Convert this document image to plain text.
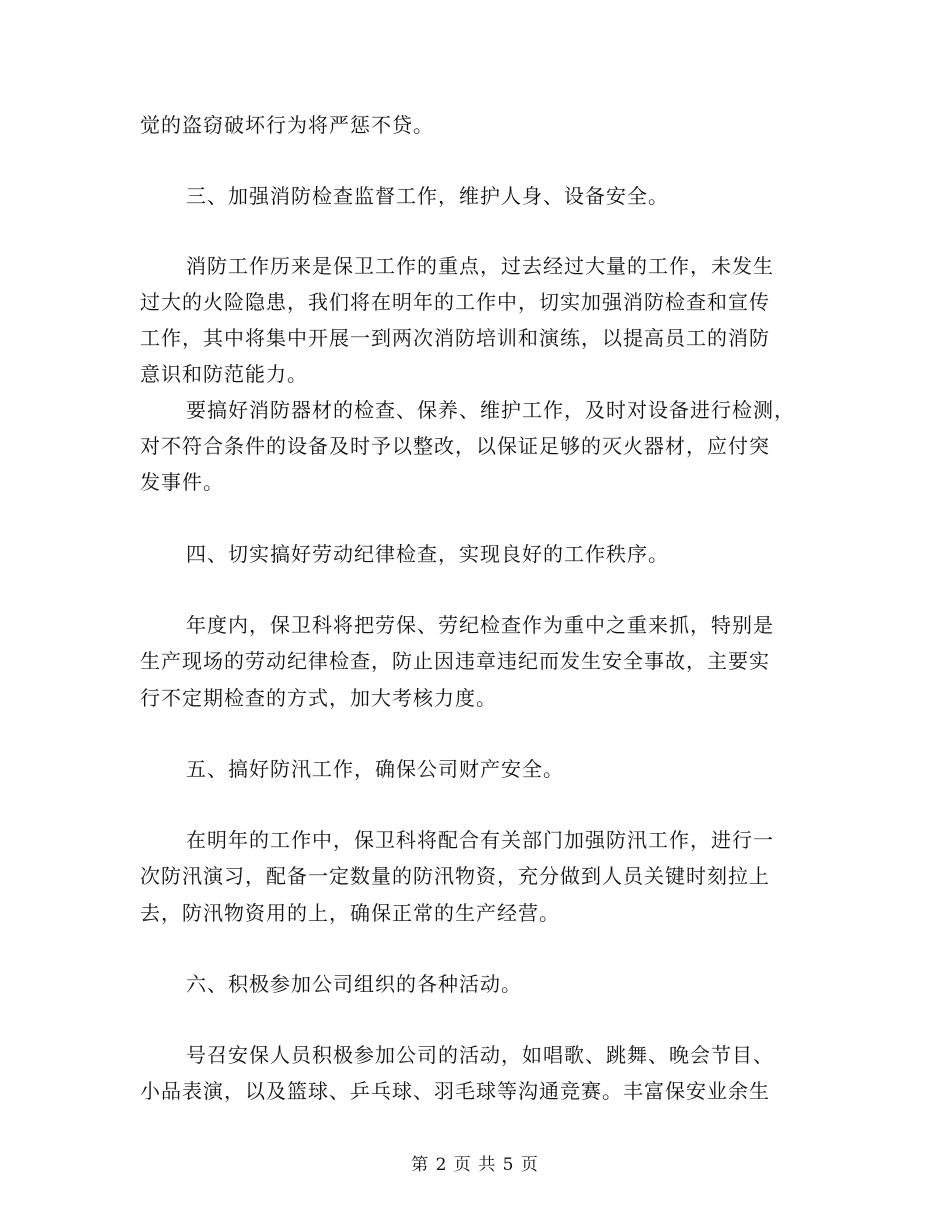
觉的盗窃破坏行为将严惩不贷。
三、加强消防检查监督工作，维护人身、设备安全。
消防工作历来是保卫工作的重点，过去经过大量的工作，未发生
过大的火险隐患，我们将在明年的工作中，切实加强消防检查和宣传
工作，其中将集中开展一到两次消防培训和演练，以提高员工的消防
意识和防范能力。
要搞好消防器材的检查、保养、维护工作，及时对设备进行检测，
对不符合条件的设备及时予以整改，以保证足够的灭火器材，应付突
发事件。
四、切实搞好劳动纪律检查，实现良好的工作秩序。
年度内，保卫科将把劳保、劳纪检查作为重中之重来抓，特别是
生产现场的劳动纪律检查，防止因违章违纪而发生安全事故，主要实
行不定期检查的方式，加大考核力度。
五、搞好防汛工作，确保公司财产安全。
在明年的工作中，保卫科将配合有关部门加强防汛工作，进行一
次防汛演习，配备一定数量的防汛物资，充分做到人员关键时刻拉上
去，防汛物资用的上，确保正常的生产经营。
六、积极参加公司组织的各种活动。
号召安保人员积极参加公司的活动，如唱歌、跳舞、晚会节目、
小品表演，以及篮球、乒乓球、羽毛球等沟通竞赛。丰富保安业余生
第 2 页 共 5 页
